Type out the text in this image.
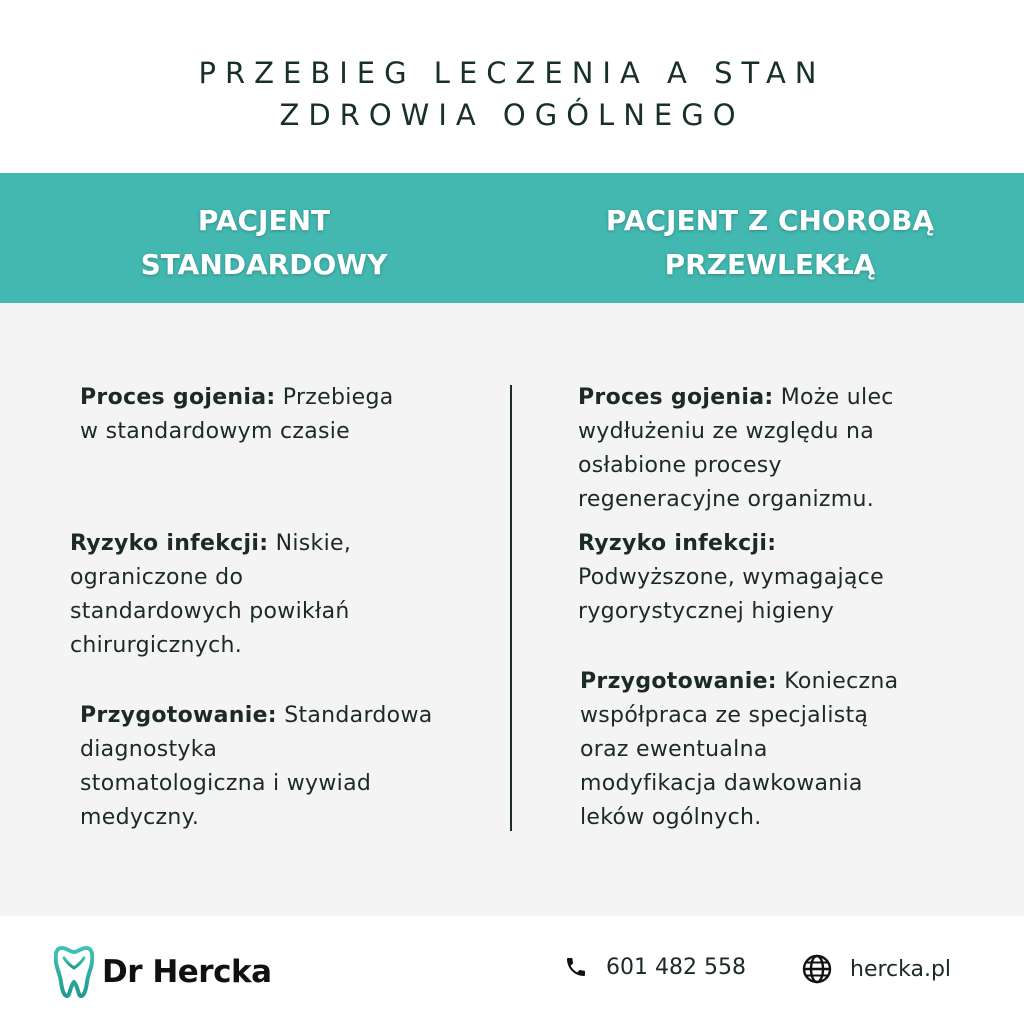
PRZEBIEG LECZENIA A STAN
ZDROWIA OGÓLNEGO
PACJENT
STANDARDOWY
PACJENT Z CHOROBĄ
PRZEWLEKŁĄ
Proces gojenia: Przebiega
w standardowym czasie
Ryzyko infekcji: Niskie,
ograniczone do
standardowych powikłań
chirurgicznych.
Przygotowanie: Standardowa
diagnostyka
stomatologiczna i wywiad
medyczny.
Proces gojenia: Może ulec
wydłużeniu ze względu na
osłabione procesy
regeneracyjne organizmu.
Ryzyko infekcji:
Podwyższone, wymagające
rygorystycznej higieny
Przygotowanie: Konieczna
współpraca ze specjalistą
oraz ewentualna
modyfikacja dawkowania
leków ogólnych.
Dr Hercka	601 482 558	hercka.pl
